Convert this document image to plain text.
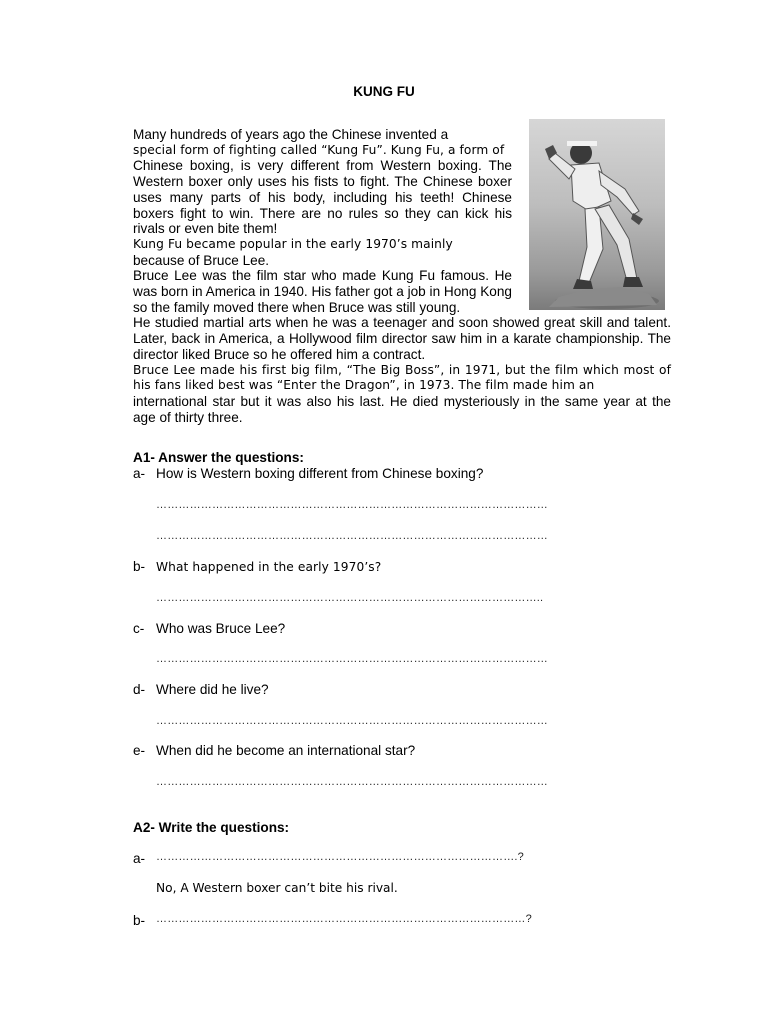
KUNG FU

Many hundreds of years ago the Chinese invented a

special form of fighting called “Kung Fu”. Kung Fu, a form of

Chinese boxing, is very different from Western boxing. The Western boxer only uses his fists to fight. The Chinese boxer uses many parts of his body, including his teeth! Chinese boxers fight to win. There are no rules so they can kick his rivals or even bite them!

Kung Fu became popular in the early 1970’s mainly

because of Bruce Lee.

Bruce Lee was the film star who made Kung Fu famous. He was born in America in 1940. His father got a job in Hong Kong so the family moved there when Bruce was still young.

He studied martial arts when he was a teenager and soon showed great skill and talent. Later, back in America, a Hollywood film director saw him in a karate championship. The director liked Bruce so he offered him a contract.

Bruce Lee made his first big film, “The Big Boss”, in 1971, but the film which most of his fans liked best was “Enter the Dragon”, in 1973. The film made him an

international star but it was also his last. He died mysteriously in the same year at the age of thirty three.

A1- Answer the questions:
a- How is Western boxing different from Chinese boxing?
……………………………………………………………………………………………
……………………………………………………………………………………………
b- What happened in the early 1970’s?
…………………………………………………………………………………………..
c- Who was Bruce Lee?
……………………………………………………………………………………………
d- Where did he live?
……………………………………………………………………………………………
e- When did he become an international star?
……………………………………………………………………………………………
A2- Write the questions:
a- …………………………………………………………………………………….?
No, A Western boxer can’t bite his rival.
b- ………………………………………………………………………………………?
